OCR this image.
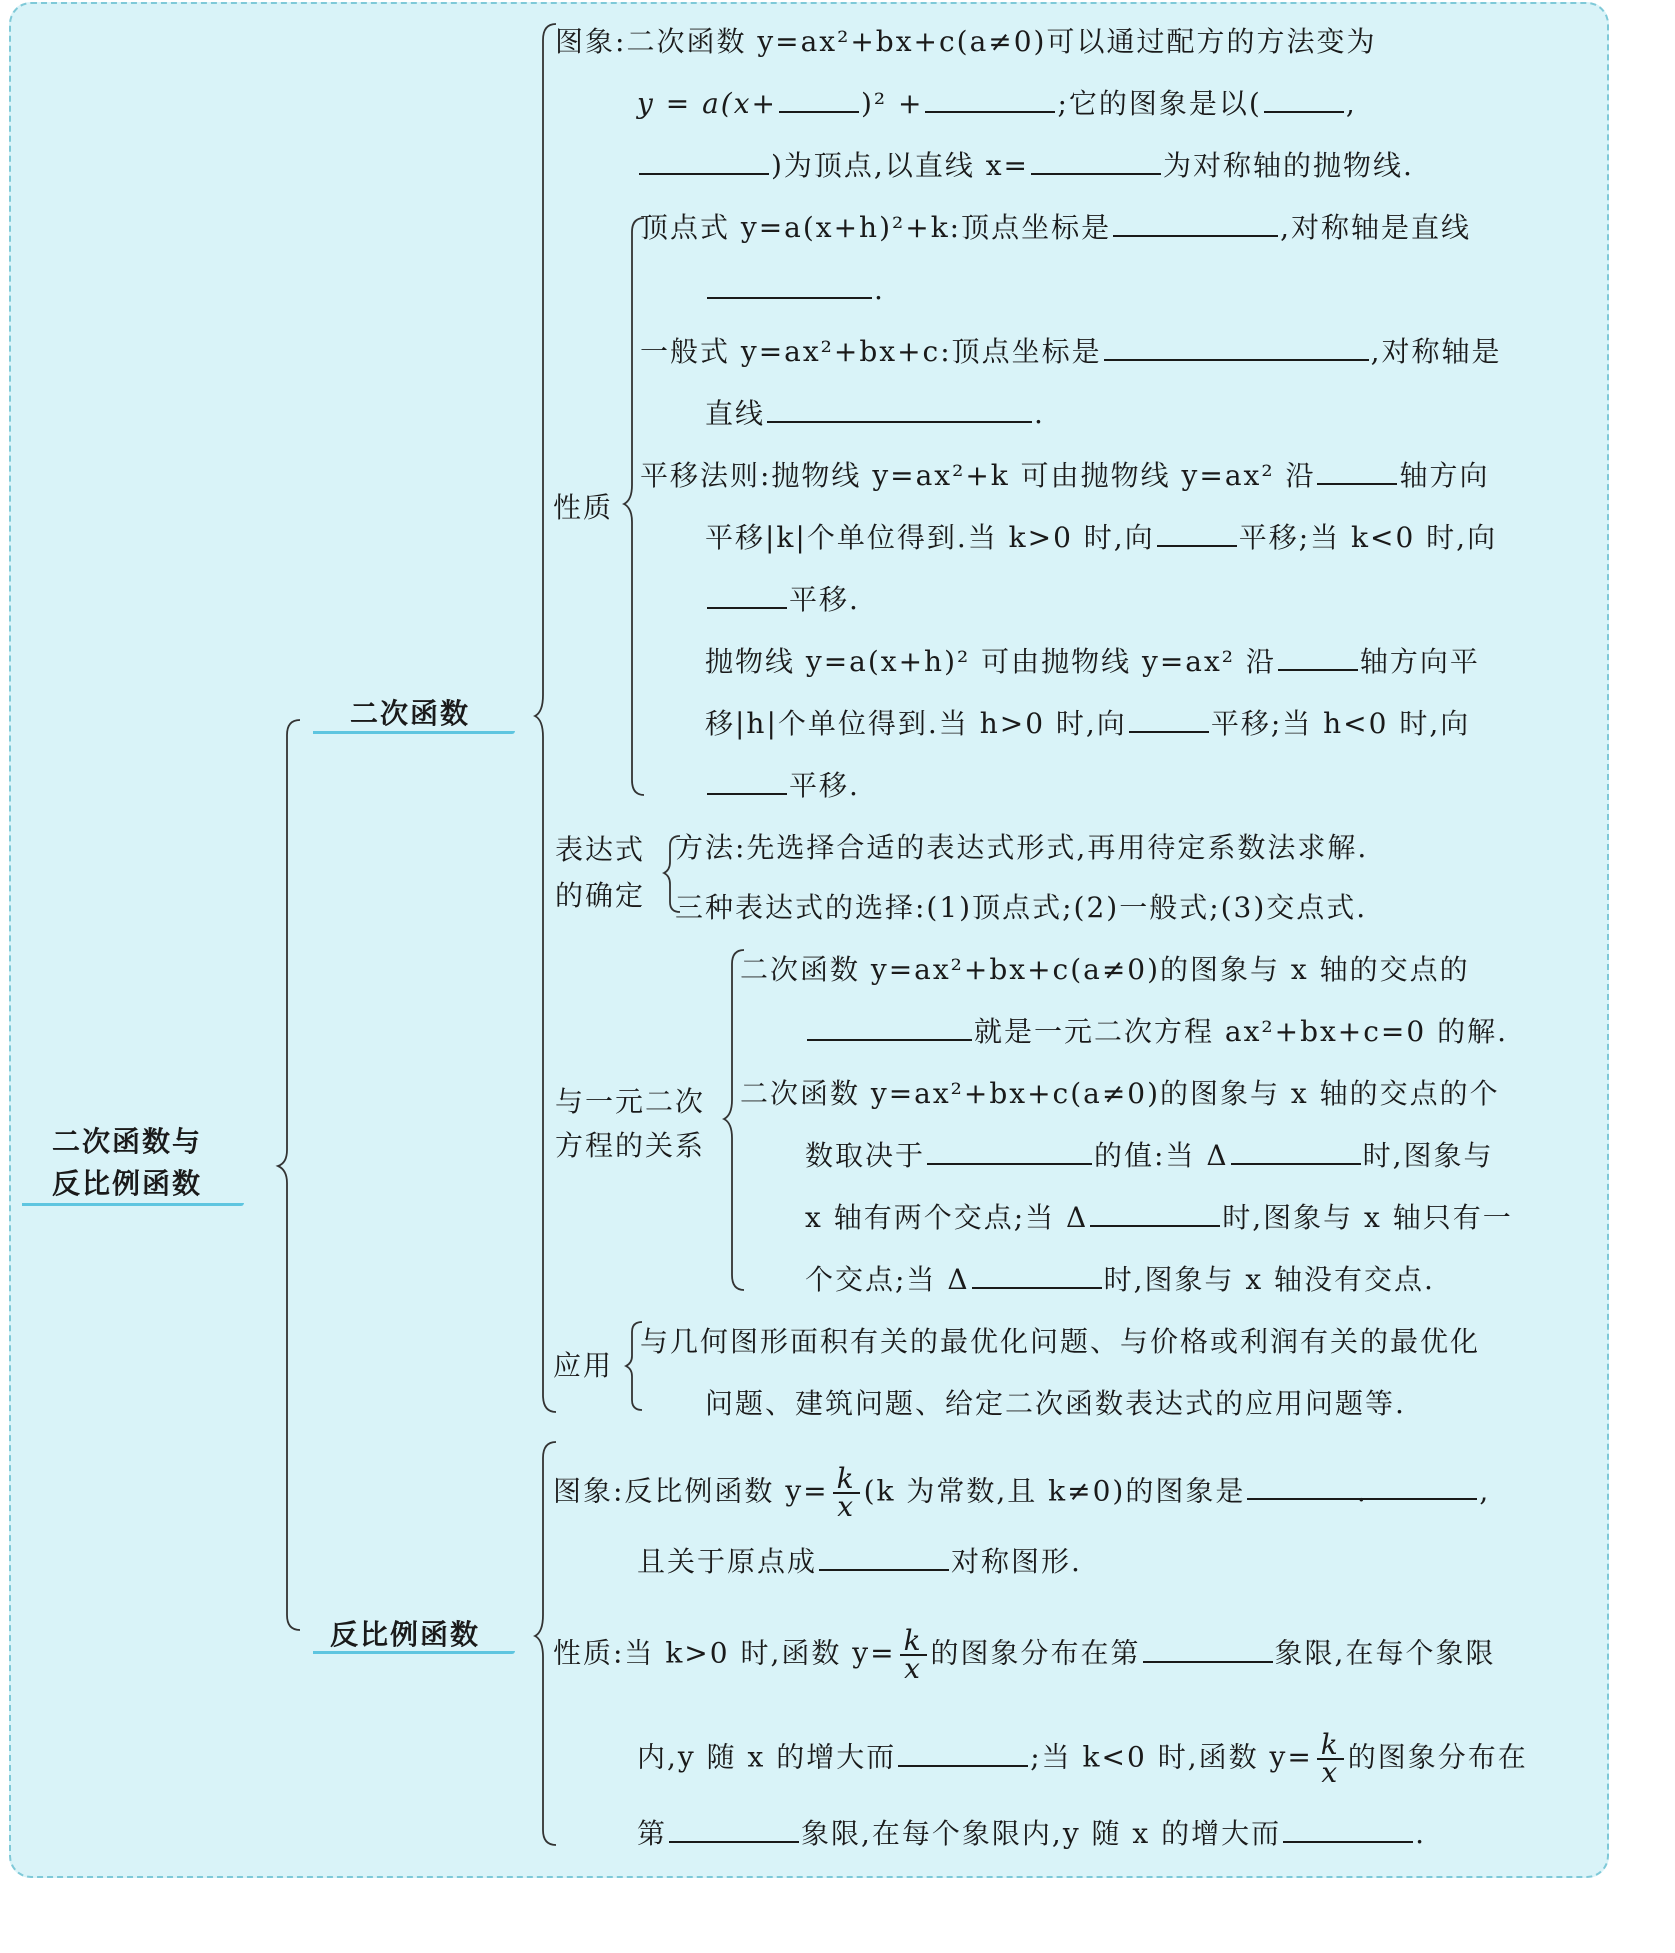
二次函数与
反比例函数
二次函数
反比例函数
图象:二次函数 y=ax²+bx+c(a≠0)可以通过配方的方法变为
y = a(x+	)² +	;它的图象是以(	,
)为顶点,以直线 x=	为对称轴的抛物线.
性质
顶点式 y=a(x+h)²+k:顶点坐标是	,对称轴是直线
.
一般式 y=ax²+bx+c:顶点坐标是	,对称轴是
直线	.
平移法则:抛物线 y=ax²+k 可由抛物线 y=ax² 沿	轴方向
平移|k|个单位得到.当 k>0 时,向	平移;当 k<0 时,向
平移.
抛物线 y=a(x+h)² 可由抛物线 y=ax² 沿	轴方向平
移|h|个单位得到.当 h>0 时,向	平移;当 h<0 时,向
平移.
表达式
的确定
方法:先选择合适的表达式形式,再用待定系数法求解.
三种表达式的选择:(1)顶点式;(2)一般式;(3)交点式.
与一元二次
方程的关系
二次函数 y=ax²+bx+c(a≠0)的图象与 x 轴的交点的
就是一元二次方程 ax²+bx+c=0 的解.
二次函数 y=ax²+bx+c(a≠0)的图象与 x 轴的交点的个
数取决于	的值:当 Δ	时,图象与
x 轴有两个交点;当 Δ	时,图象与 x 轴只有一
个交点;当 Δ	时,图象与 x 轴没有交点.
应用
与几何图形面积有关的最优化问题、与价格或利润有关的最优化
问题、建筑问题、给定二次函数表达式的应用问题等.
图象:反比例函数 $y= \frac{k}{x} (k$ 为常数,且 k≠0)的图象是	.	,
且关于原点成	对称图形.
性质:当 k>0 时,函数 $y= \frac{k}{x}$ 的图象分布在第	象限,在每个象限
内,y 随 x 的增大而	;当 k<0 时,函数 $y= \frac{k}{x}$ 的图象分布在
第	象限,在每个象限内,y 随 x 的增大而	.
